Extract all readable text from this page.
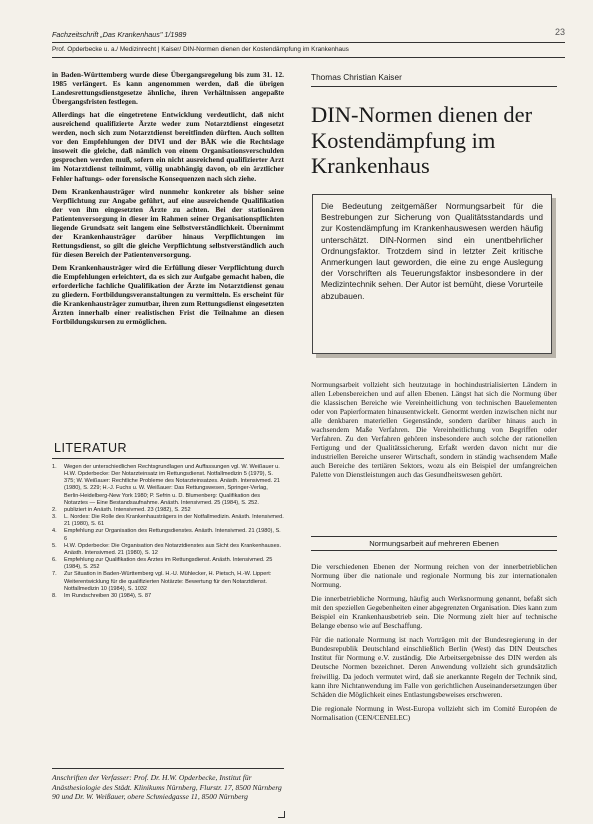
Fachzeitschrift „Das Krankenhaus" 1/1989	23
Prof. Opderbecke u. a./ Medizinrecht | Kaiser/ DIN-Normen dienen der Kostendämpfung im Krankenhaus

in Baden-Württemberg wurde diese Übergangsregelung bis zum 31. 12. 1985 verlängert. Es kann angenommen werden, daß die übrigen Landesrettungsdienstgesetze ähnliche, ihren Verhältnissen angepaßte Übergangsfristen festlegen.

Allerdings hat die eingetretene Entwicklung verdeutlicht, daß nicht ausreichend qualifizierte Ärzte weder zum Notarztdienst eingesetzt werden, noch sich zum Notarztdienst bereitfinden dürften. Auch sollten vor den Empfehlungen der DIVI und der BÄK wie die Rechtslage insoweit die gleiche, daß nämlich von einem Organisationsverschulden gesprochen werden muß, sofern ein nicht ausreichend qualifizierter Arzt im Notarztdienst teilnimmt, völlig unabhängig davon, ob ein ärztlicher Fehler haftungs- oder forensische Konsequenzen nach sich ziehe.

Dem Krankenhausträger wird nunmehr konkreter als bisher seine Verpflichtung zur Angabe geführt, auf eine ausreichende Qualifikation der von ihm eingesetzten Ärzte zu achten. Bei der stationären Patientenversorgung in dieser im Rahmen seiner Organisationspflichten liegende Grundsatz seit langem eine Selbstverständlichkeit. Übernimmt der Krankenhausträger darüber hinaus Verpflichtungen im Rettungsdienst, so gilt die gleiche Verpflichtung selbstverständlich auch für diesen Bereich der Patientenversorgung.

Dem Krankenhausträger wird die Erfüllung dieser Verpflichtung durch die Empfehlungen erleichtert, da es sich zur Aufgabe gemacht haben, die erforderliche fachliche Qualifikation der Ärzte im Notarztdienst genau zu gliedern. Fortbildungsveranstaltungen zu vermitteln. Es erscheint für die Krankenhausträger zumutbar, ihren zum Rettungsdienst eingesetzten Ärzten innerhalb einer realistischen Frist die Teilnahme an diesen Fortbildungskursen zu ermöglichen.

LITERATUR
1.	Wegen der unterschiedlichen Rechtsgrundlagen und Auffassungen vgl. W. Weißauer u. H.W. Opderbecke: Der Notarzteinsatz im Rettungsdienst. Notfallmedizin 5 (1979), S. 375; W. Weißauer: Rechtliche Probleme des Notarzteinsatzes. Anästh. Intensivmed. 21 (1980), S. 229; H.-J. Fuchs u. W. Weißauer: Das Rettungswesen, Springer-Verlag, Berlin-Heidelberg-New York 1980; P. Sefrin u. D. Blumenberg: Qualifikation des Notarztes — Eine Bestandsaufnahme. Anästh. Intensivmed. 25 (1984), S. 252.
2.	publiziert in Anästh. Intensivmed. 23 (1982), S. 252
3.	L. Nordes: Die Rolle des Krankenhausträgers in der Notfallmedizin. Anästh. Intensivmed. 21 (1980), S. 61
4.	Empfehlung zur Organisation des Rettungsdienstes. Anästh. Intensivmed. 21 (1980), S. 6
5.	H.W. Opderbecke: Die Organisation des Notarztdienstes aus Sicht des Krankenhauses. Anästh. Intensivmed. 21 (1980), S. 12
6.	Empfehlung zur Qualifikation des Arztes im Rettungsdienst. Anästh. Intensivmed. 25 (1984), S. 252
7.	Zur Situation in Baden-Württemberg vgl. H.-U. Mühlecker, H. Pietsch, H.-W. Lippert: Weiterentwicklung für die qualifizierten Notärzte: Bewertung für den Notarztdienst. Notfallmedizin 10 (1984), S. 1032
8.	Im Rundschreiben 30 (1984), S. 87
Anschriften der Verfasser: Prof. Dr. H.W. Opderbecke, Institut für Anästhesiologie des Städt. Klinikums Nürnberg, Flurstr. 17, 8500 Nürnberg 90 und Dr. W. Weißauer, obere Schmiedgasse 11, 8500 Nürnberg
Thomas Christian Kaiser
DIN-Normen dienen der Kostendämpfung im Krankenhaus
Die Bedeutung zeitgemäßer Normungsarbeit für die Bestrebungen zur Sicherung von Qualitätsstandards und zur Kostendämpfung im Krankenhauswesen werden häufig unterschätzt. DIN-Normen sind ein unentbehrlicher Ordnungsfaktor. Trotzdem sind in letzter Zeit kritische Anmerkungen laut geworden, die eine zu enge Auslegung der Vorschriften als Teuerungsfaktor insbesondere in der Medizintechnik sehen. Der Autor ist bemüht, diese Vorurteile abzubauen.

Normungsarbeit vollzieht sich heutzutage in hochindustrialisierten Ländern in allen Lebensbereichen und auf allen Ebenen. Längst hat sich die Normung über die klassischen Bereiche wie Vereinheitlichung von technischen Bauelementen oder von Papierformaten hinausentwickelt. Genormt werden inzwischen nicht nur alle denkbaren materiellen Gegenstände, sondern darüber hinaus auch in wachsendem Maße Verfahren. Die Vereinheitlichung von Begriffen oder Verfahren. Zu den Verfahren gehören insbesondere auch solche der rationellen Fertigung und der Qualitätssicherung. Erfaßt werden davon nicht nur die industriellen Bereiche unserer Wirtschaft, sondern in ständig wachsendem Maße auch Bereiche des tertiären Sektors, wozu als ein Beispiel der umfangreichen Palette von Dienstleistungen auch das Gesundheitswesen gehört.

Normungsarbeit auf mehreren Ebenen

Die verschiedenen Ebenen der Normung reichen von der innerbetrieblichen Normung über die nationale und regionale Normung bis zur internationalen Normung.

Die innerbetriebliche Normung, häufig auch Werksnormung genannt, befaßt sich mit den speziellen Gegebenheiten einer abgegrenzten Organisation. Dies kann zum Beispiel ein Krankenhausbetrieb sein. Die Normung zielt hier auf technische Belange ebenso wie auf Beschaffung.

Für die nationale Normung ist nach Vorträgen mit der Bundesregierung in der Bundesrepublik Deutschland einschließlich Berlin (West) das DIN Deutsches Institut für Normung e.V. zuständig. Die Arbeitsergebnisse des DIN werden als Deutsche Normen bezeichnet. Deren Anwendung vollzieht sich grundsätzlich freiwillig. Da jedoch vermutet wird, daß sie anerkannte Regeln der Technik sind, kann ihre Nichtanwendung im Falle von gerichtlichen Auseinandersetzungen über Schäden die Möglichkeit eines Entlastungsbeweises erschweren.

Die regionale Normung in West-Europa vollzieht sich im Comité Européen de Normalisation (CEN/CENELEC)
